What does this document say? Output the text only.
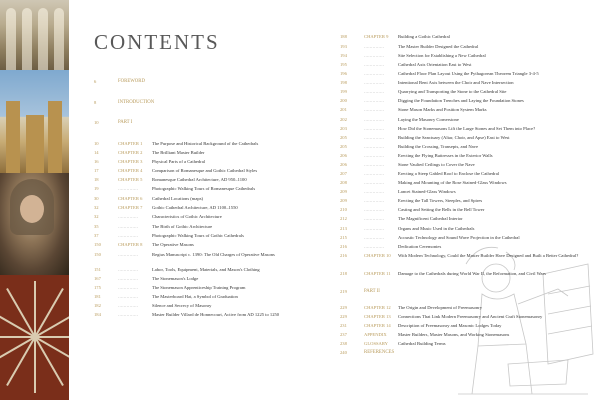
CONTENTS
6	FOREWORD
8	INTRODUCTION
10	PART I
10	CHAPTER 1	The Purpose and Historical Background of the Cathedrals
14	CHAPTER 2	The Brilliant Master Builder
16	CHAPTER 3	Physical Parts of a Cathedral
17	CHAPTER 4	Comparison of Romanesque and Gothic Cathedral Styles
18	CHAPTER 5	Romanesque Cathedral Architecture, AD 950–1100
19	..............	Photographic Walking Tours of Romanesque Cathedrals
30	CHAPTER 6	Cathedral Locations (maps)
32	CHAPTER 7	Gothic Cathedral Architecture, AD 1100–1550
32	..............	Characteristics of Gothic Architecture
35	..............	The Birth of Gothic Architecture
37	..............	Photographic Walking Tours of Gothic Cathedrals
150	CHAPTER 8	The Operative Masons
150	..............	Regius Manuscript c. 1390: The Old Charges of Operative Masons
151	..............	Labor, Tools, Equipment, Materials, and Mason's Clothing
167	..............	The Stonemason's Lodge
175	..............	The Stonemason Apprenticeship Training Program
181	..............	The Masterboard Hat, a Symbol of Graduation
182	..............	Silence and Secrecy of Masonry
184	..............	Master Builder Villard de Honnecourt, Active from AD 1225 to 1250
188	CHAPTER 9	Building a Gothic Cathedral
193	..............	The Master Builder Designed the Cathedral
194	..............	Site Selection for Establishing a New Cathedral
195	..............	Cathedral Axis Orientation East to West
196	..............	Cathedral Floor Plan Layout Using the Pythagorean Theorem Triangle 3-4-5
198	..............	Intentional Bent Axis between the Choir and Nave Intersection
199	..............	Quarrying and Transporting the Stone to the Cathedral Site
200	..............	Digging the Foundation Trenches and Laying the Foundation Stones
201	..............	Stone Mason Marks and Position System Marks
202	..............	Laying the Masonry Cornerstone
203	..............	How Did the Stonemasons Lift the Large Stones and Set Them into Place?
205	..............	Building the Sanctuary (Altar, Choir, and Apse) East to West
205	..............	Building the Crossing, Transepts, and Nave
206	..............	Erecting the Flying Buttresses in the Exterior Walls
206	..............	Stone Vaulted Ceilings to Cover the Nave
207	..............	Erecting a Steep Gabled Roof to Enclose the Cathedral
208	..............	Making and Mounting of the Rose Stained-Glass Windows
209	..............	Lancet Stained-Glass Windows
209	..............	Erecting the Tall Towers, Steeples, and Spires
210	..............	Casting and Setting the Bells in the Bell Tower
212	..............	The Magnificent Cathedral Interior
213	..............	Organs and Music Used in the Cathedrals
215	..............	Acoustic Technology and Sound Wave Projection in the Cathedral
216	..............	Dedication Ceremonies
216	CHAPTER 10	With Modern Technology, Could the Master Builder Have Designed and Built a Better Cathedral?
218	CHAPTER 11	Damage to the Cathedrals during World War II, the Reformation, and Civil Wars
219	PART II
229	CHAPTER 12	The Origin and Development of Freemasonry
229	CHAPTER 13	Connections That Link Modern Freemasonry and Ancient Craft Stonemasonry
231	CHAPTER 14	Description of Freemasonry and Masonic Lodges Today
237	APPENDIX	Master Builders, Master Masons, and Working Stonemasons
238	GLOSSARY	Cathedral Building Terms
240	REFERENCES
